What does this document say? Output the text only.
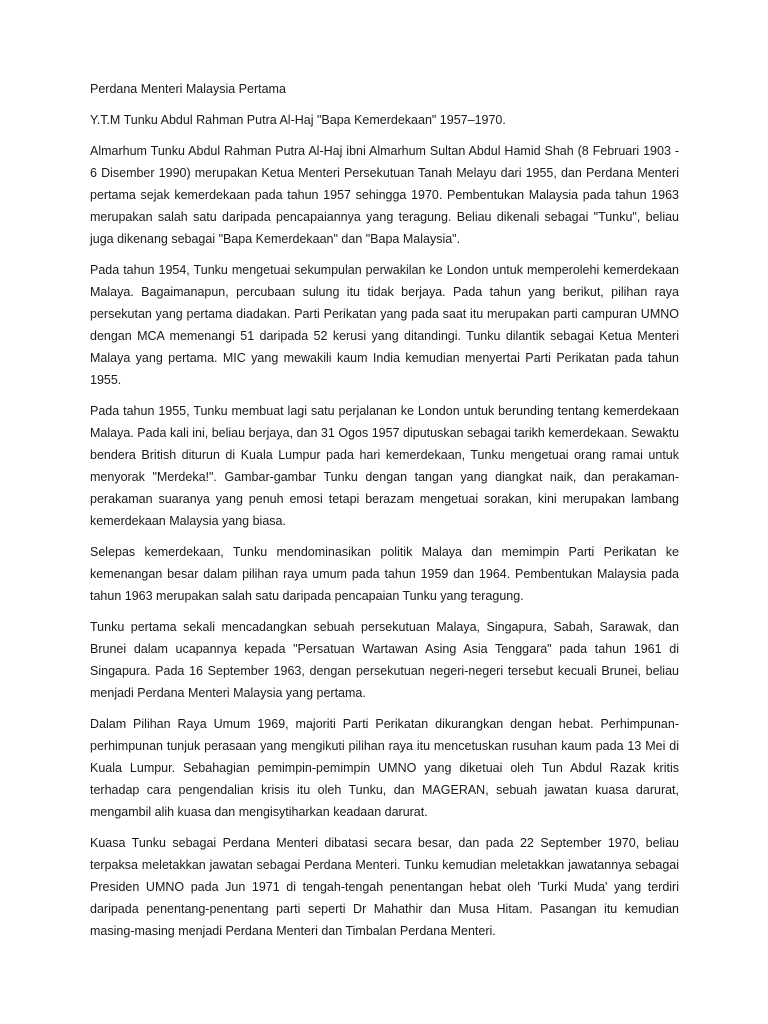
Perdana Menteri Malaysia Pertama

Y.T.M Tunku Abdul Rahman Putra Al-Haj "Bapa Kemerdekaan" 1957–1970.

Almarhum Tunku Abdul Rahman Putra Al-Haj ibni Almarhum Sultan Abdul Hamid Shah (8 Februari 1903 - 6 Disember 1990) merupakan Ketua Menteri Persekutuan Tanah Melayu dari 1955, dan Perdana Menteri pertama sejak kemerdekaan pada tahun 1957 sehingga 1970. Pembentukan Malaysia pada tahun 1963 merupakan salah satu daripada pencapaiannya yang teragung. Beliau dikenali sebagai "Tunku", beliau juga dikenang sebagai "Bapa Kemerdekaan" dan "Bapa Malaysia".

Pada tahun 1954, Tunku mengetuai sekumpulan perwakilan ke London untuk memperolehi kemerdekaan Malaya. Bagaimanapun, percubaan sulung itu tidak berjaya. Pada tahun yang berikut, pilihan raya persekutan yang pertama diadakan. Parti Perikatan yang pada saat itu merupakan parti campuran UMNO dengan MCA memenangi 51 daripada 52 kerusi yang ditandingi. Tunku dilantik sebagai Ketua Menteri Malaya yang pertama. MIC yang mewakili kaum India kemudian menyertai Parti Perikatan pada tahun 1955.

Pada tahun 1955, Tunku membuat lagi satu perjalanan ke London untuk berunding tentang kemerdekaan Malaya. Pada kali ini, beliau berjaya, dan 31 Ogos 1957 diputuskan sebagai tarikh kemerdekaan. Sewaktu bendera British diturun di Kuala Lumpur pada hari kemerdekaan, Tunku mengetuai orang ramai untuk menyorak "Merdeka!". Gambar-gambar Tunku dengan tangan yang diangkat naik, dan perakaman-perakaman suaranya yang penuh emosi tetapi berazam mengetuai sorakan, kini merupakan lambang kemerdekaan Malaysia yang biasa.

Selepas kemerdekaan, Tunku mendominasikan politik Malaya dan memimpin Parti Perikatan ke kemenangan besar dalam pilihan raya umum pada tahun 1959 dan 1964. Pembentukan Malaysia pada tahun 1963 merupakan salah satu daripada pencapaian Tunku yang teragung.

Tunku pertama sekali mencadangkan sebuah persekutuan Malaya, Singapura, Sabah, Sarawak, dan Brunei dalam ucapannya kepada "Persatuan Wartawan Asing Asia Tenggara" pada tahun 1961 di Singapura. Pada 16 September 1963, dengan persekutuan negeri-negeri tersebut kecuali Brunei, beliau menjadi Perdana Menteri Malaysia yang pertama.

Dalam Pilihan Raya Umum 1969, majoriti Parti Perikatan dikurangkan dengan hebat. Perhimpunan-perhimpunan tunjuk perasaan yang mengikuti pilihan raya itu mencetuskan rusuhan kaum pada 13 Mei di Kuala Lumpur. Sebahagian pemimpin-pemimpin UMNO yang diketuai oleh Tun Abdul Razak kritis terhadap cara pengendalian krisis itu oleh Tunku, dan MAGERAN, sebuah jawatan kuasa darurat, mengambil alih kuasa dan mengisytiharkan keadaan darurat.

Kuasa Tunku sebagai Perdana Menteri dibatasi secara besar, dan pada 22 September 1970, beliau terpaksa meletakkan jawatan sebagai Perdana Menteri. Tunku kemudian meletakkan jawatannya sebagai Presiden UMNO pada Jun 1971 di tengah-tengah penentangan hebat oleh 'Turki Muda' yang terdiri daripada penentang-penentang parti seperti Dr Mahathir dan Musa Hitam. Pasangan itu kemudian masing-masing menjadi Perdana Menteri dan Timbalan Perdana Menteri.
